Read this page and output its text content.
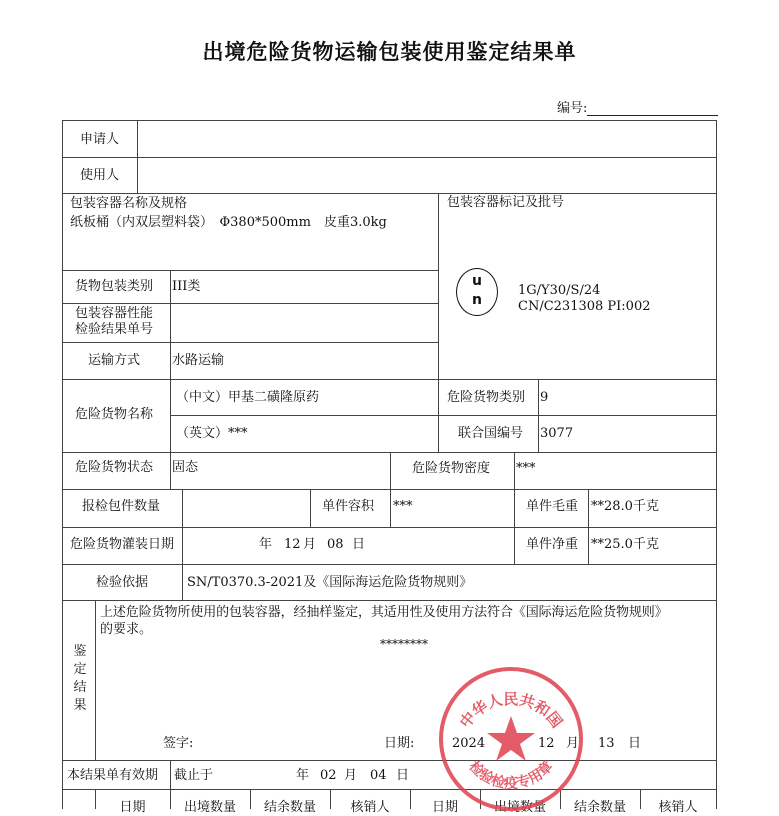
出境危险货物运输包装使用鉴定结果单
编号:
申请人
使用人
包装容器名称及规格
纸板桶（内双层塑料袋）　Φ380*500mm　皮重3.0kg
包装容器标记及批号
u
n
1G/Y30/S/24
CN/C231308 PI:002
货物包装类别 III类
包装容器性能
检验结果单号
运输方式 水路运输
危险货物名称
（中文）甲基二磺隆原药
（英文）***
危险货物类别 9
联合国编号 3077
危险货物状态 固态	危险货物密度 ***
报检包件数量	单件容积 ***	单件毛重 **28.0千克
危险货物灌装日期	年 12 月 08 日	单件净重 **25.0千克
检验依据	SN/T0370.3-2021及《国际海运危险货物规则》
鉴
定
结
果
上述危险货物所使用的包装容器，经抽样鉴定，其适用性及使用方法符合《国际海运危险货物规则》
的要求。
********
签字:	日期:	2024	12 月 13 日
本结果单有效期 截止于	年 02 月 04 日
日期	出境数量	结余数量	核销人	日期	出境数量	结余数量	核销人
中华人民共和国
检验检疫专用章
